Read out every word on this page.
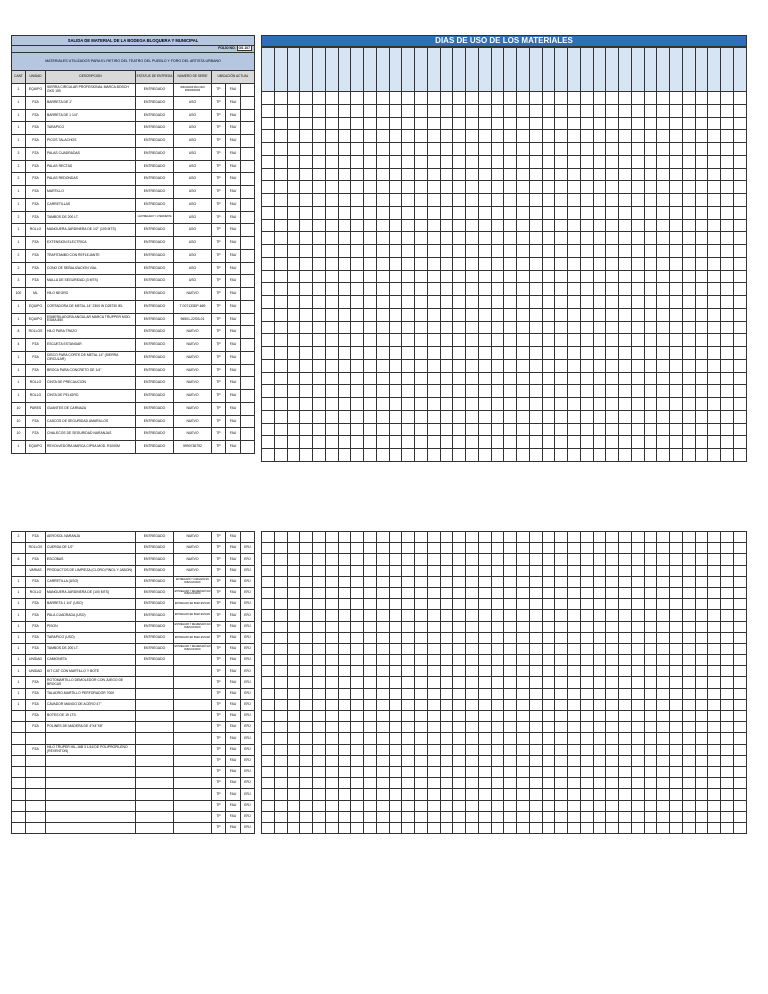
SALIDA DE MATERIAL DE LA BODEGA BLOQUERA Y MUNICIPAL							
FOLIO NO. OS 107							
MATERIALES UTILIZADOS PARA EL RETIRO DEL TEATRO DEL PUEBLO Y FORO DEL ARTISTA URBANO							
CANT	UNIDAD	DESCRIPCION	ESTATUS DE ENTREGA	NUMERO DE SERIE	UBICACIÓN ACTUAL		
1	EQUIPO	SIERRA CIRCULAR PROFESIONAL MARCA BOSCH GKS 190	ENTREGADO	0601623000 0601 0623 000000000000	TP	FAU	
1	PZA	BARRETA DE 1"	ENTREGADO	USO	TP	FAU	
1	PZA	BARRETA DE 1 1/4"	ENTREGADO	USO	TP	FAU	
1	PZA	TARAPICO	ENTREGADO	USO	TP	FAU	
1	PZA	PICOS TALACHOS	ENTREGADO	USO	TP	FAU	
3	PZA	PALAS CUADRADAS	ENTREGADO	USO	TP	FAU	
2	PZA	PALAS RECTAS	ENTREGADO	USO	TP	FAU	
2	PZA	PALAS REDONDAS	ENTREGADO	USO	TP	FAU	
1	PZA	MARTILLO	ENTREGADO	USO	TP	FAU	
1	PZA	CARRETILLAS	ENTREGADO	USO	TP	FAU	
2	PZA	TAMBOS DE 200 LT.	1 ENTREGADO Y 1 PENDIENTE	USO	TP	FAU	
1	ROLLO	MANGUERA JARDINERA DE 1/2" (100 MTS)	ENTREGADO	USO	TP	FAU	
1	PZA	EXTENSION ELECTRICA	ENTREGADO	USO	TP	FAU	
2	PZA	TRAFITAMBO CON REFLEJANTE	ENTREGADO	USO	TP	FAU	
2	PZA	CONO DE SEÑALIZACION VIAL	ENTREGADO	USO	TP	FAU	
3	PZA	MALLA DE SEGURIDAD (3 MTS)	ENTREGADO	USO	TP	FAU	
100	ML	HILO NEGRO	ENTREGADO	NUEVO	TP	FAU	
1	EQUIPO	CORTADORA DE METAL 14" 2300 W D28730 IEL	ENTREGADO	T 007133DP-669	TP	FAU	
1	EQUIPO	ESMERILADORA ANGULAR MARCA TRUPPER MOD. ESMA 850	ENTREGADO	96501-22/03-01	TP	FAU	
8	ROLLOS	HILO PARA TRAZO	ENTREGADO	NUEVO	TP	FAU	
4	PZA	ESCUETA ESTANDAR	ENTREGADO	NUEVO	TP	FAU	
1	PZA	DISCO PARA CORTE DE METAL 14" (SIERRA CIRCULAR)	ENTREGADO	NUEVO	TP	FAU	
1	PZA	BROCA PARA CONCRETO DE 1/4"	ENTREGADO	NUEVO	TP	FAU	
1	ROLLO	CINTA DE PRECAUCION	ENTREGADO	NUEVO	TP	FAU	
1	ROLLO	CINTA DE PELIGRO	ENTREGADO	NUEVO	TP	FAU	
10	PARES	GUANTES DE CARNAZA	ENTREGADO	NUEVO	TP	FAU	
10	PZA	CASCOS DE SEGURIDAD AMARILLOS	ENTREGADO	NUEVO	TP	FAU	
10	PZA	CHALECOS DE SEGURIDAD NARANJAS	ENTREGADO	NUEVO	TP	FAU	
1	EQUIPO	REVOLVEDORA MARCA CIPSA MOD. R1000M	ENTREGADO	5990736792	TP	FAU	
DIAS DE USO DE LOS MATERIALES

2	PZA	AEROSOL NARANJA	ENTREGADO	NUEVO	TP	FAU	
	ROLLOS	CUERDA DE 1/2"	ENTREGADO	NUEVO	TP	FAU	ERJ
6	PZA	ESCOBAS	ENTREGADO	NUEVO	TP	FAU	ERJ
	VARIAS	PRODUCTOS DE LIMPIEZA (CLORO,PINOL Y JABON)	ENTREGADO	NUEVO	TP	FAU	ERJ
1	PZA	CARRETILLA (USO)	ENTREGADO	ENTREGADO Y CARGADO EN BUEN ESTADO	TP	FAU	ERJ
1	ROLLO	MANGUERA JARDINERA DE (100 MTS)	ENTREGADO	ENTREGADO Y REGRESADO EN BUEN ESTADO	TP	FAU	ERJ
1	PZA	BARRETA 1 1/4" (USO)	ENTREGADO	ENTREGADO EN BUEN ESTADO	TP	FAU	ERJ
1	PZA	PALA CUADRADA (USO)	ENTREGADO	ENTREGADO EN BUEN ESTADO	TP	FAU	ERJ
1	PZA	PISON	ENTREGADO	ENTREGADO Y REGRESADO EN BUEN ESTADO	TP	FAU	ERJ
1	PZA	TARAPICO (USO)	ENTREGADO	ENTREGADO EN BUEN ESTADO	TP	FAU	ERJ
1	PZA	TAMBOS DE 200 LT.	ENTREGADO	ENTREGADO Y REGRESADO EN BUEN ESTADO	TP	FAU	ERJ
1	UNIDAD	CAMIONETA	ENTREGADO		TP	FAU	ERJ
1	UNIDAD	KIT CAT CON MARTILLO Y BOTE			TP	FAU	ERJ
1	PZA	ROTOMARTILLO DEMOLEDOR CON JUEGO DE BROCAS			TP	FAU	ERJ
1	PZA	TALADRO-MARTILLO PERFORADOR 7000			TP	FAU	ERJ
1	PZA	CAVADOR MANGO DE ACERO 47"			TP	FAU	ERJ
	PZA	BOTES DE 19 LTS.			TP	FAU	ERJ
	PZA	POLINES DE MADERA DE 4"X4"X8"			TP	FAU	ERJ
					TP	FAU	ERJ
	PZA	HILO TRUPER HIL-16B 3 1/16 DE POLIPROPILENO (REVENTON)			TP	FAU	ERJ
					TP	FAU	ERJ
					TP	FAU	ERJ
					TP	FAU	ERJ
					TP	FAU	ERJ
					TP	FAU	ERJ
					TP	FAU	ERJ
					TP	FAU	ERJ
